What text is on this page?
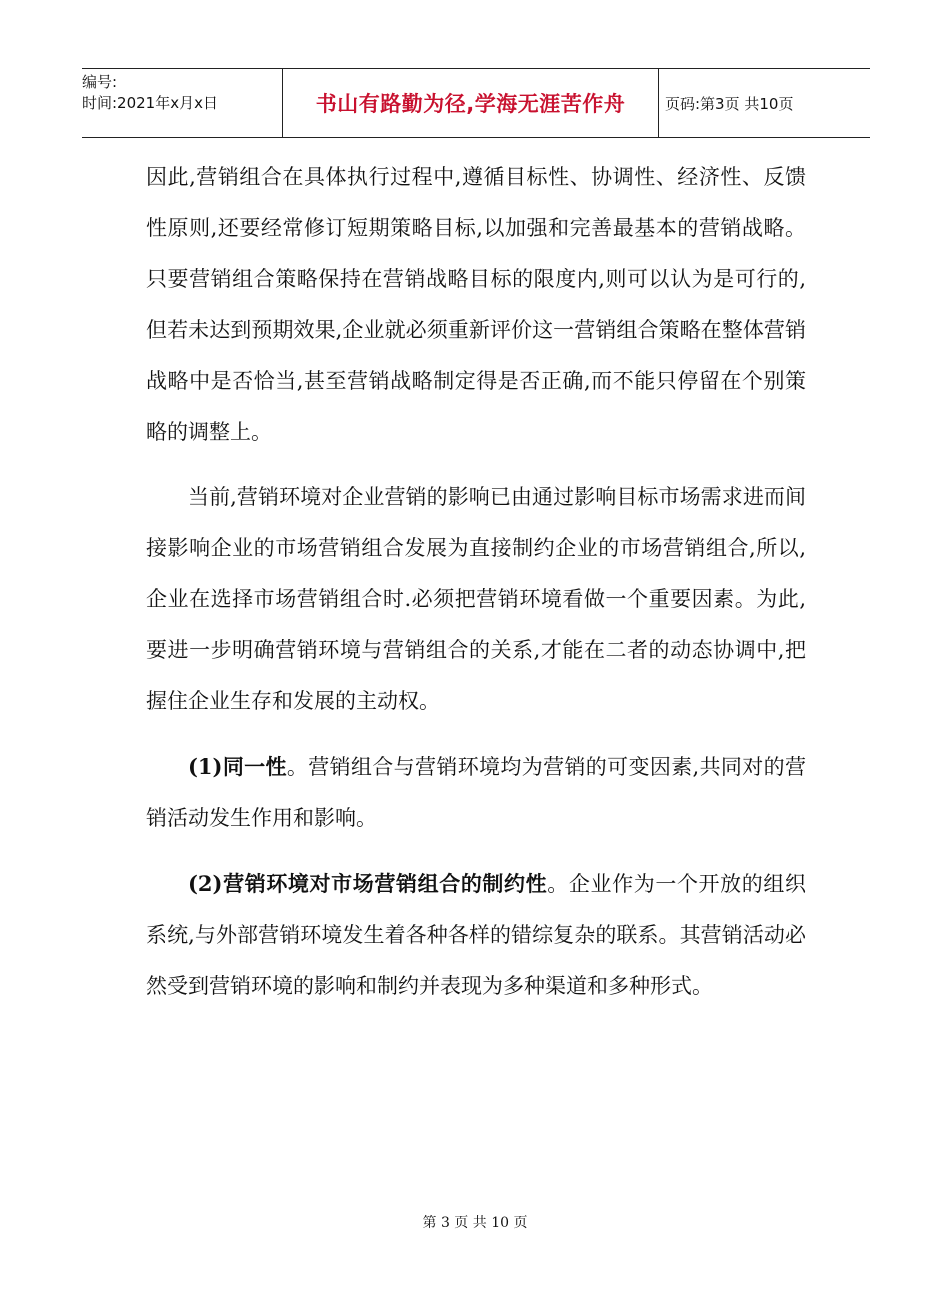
编号:
时间:2021年x月x日	书山有路勤为径,学海无涯苦作舟	页码:第3页 共10页

因此,营销组合在具体执行过程中,遵循目标性、协调性、经济性、反馈性原则,还要经常修订短期策略目标,以加强和完善最基本的营销战略。只要营销组合策略保持在营销战略目标的限度内,则可以认为是可行的,但若未达到预期效果,企业就必须重新评价这一营销组合策略在整体营销战略中是否恰当,甚至营销战略制定得是否正确,而不能只停留在个别策略的调整上。

当前,营销环境对企业营销的影响已由通过影响目标市场需求进而间接影响企业的市场营销组合发展为直接制约企业的市场营销组合,所以,企业在选择市场营销组合时.必须把营销环境看做一个重要因素。为此,要进一步明确营销环境与营销组合的关系,才能在二者的动态协调中,把握住企业生存和发展的主动权。

(1)同一性。营销组合与营销环境均为营销的可变因素,共同对的营销活动发生作用和影响。

(2)营销环境对市场营销组合的制约性。企业作为一个开放的组织系统,与外部营销环境发生着各种各样的错综复杂的联系。其营销活动必然受到营销环境的影响和制约并表现为多种渠道和多种形式。

第 3 页 共 10 页
